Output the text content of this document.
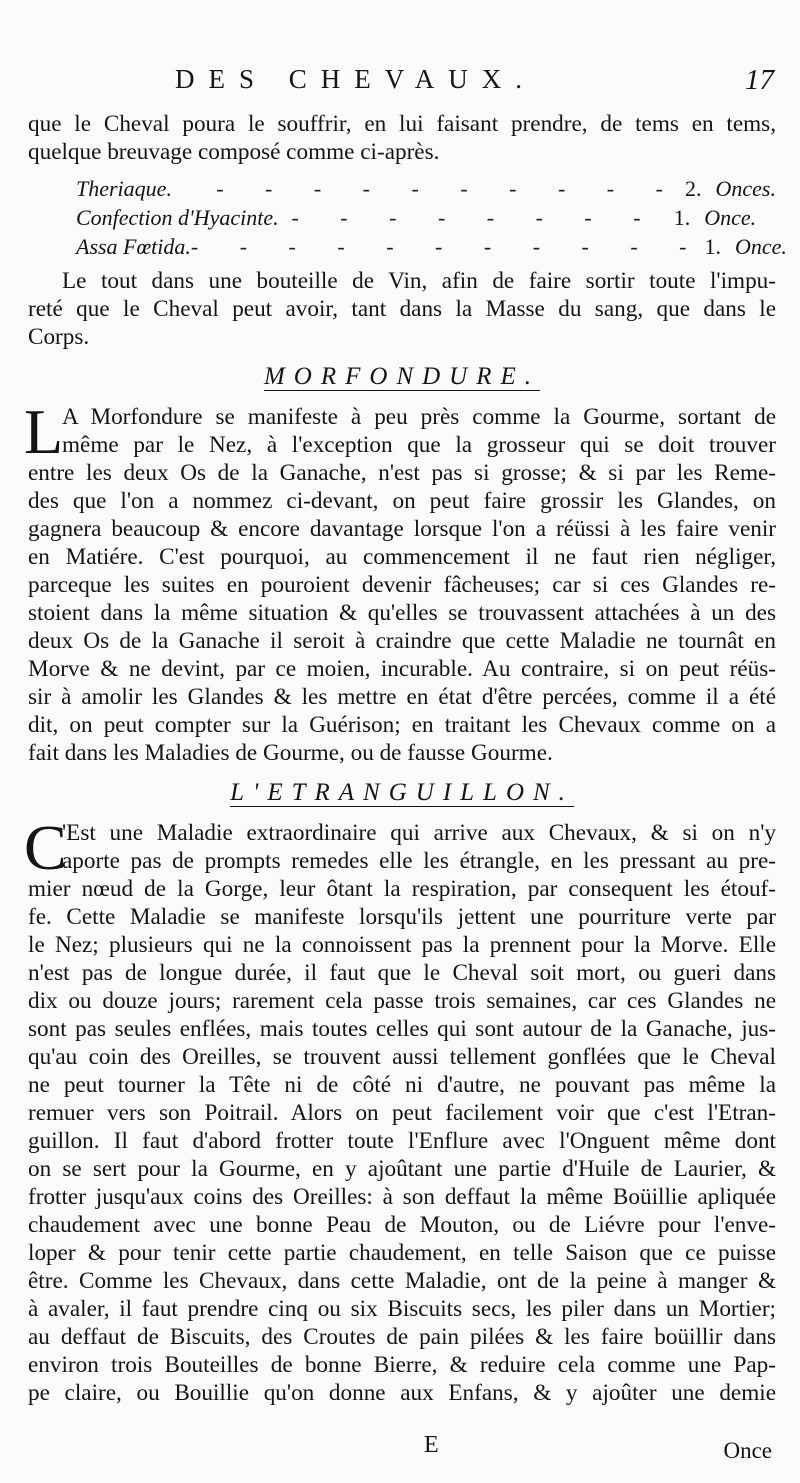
DES CHEVAUX.	17
que le Cheval poura le souffrir, en lui faisant prendre, de tems en tems,
quelque breuvage composé comme ci-après.
Theriaque.	- - - - - - - - - - 2. Onces.
Confection d'Hyacinte. - - - - - - - - 1. Once.
Assa Fœtida. - - - - - - - - - - - 1. Once.
Le tout dans une bouteille de Vin, afin de faire sortir toute l'impu-
reté que le Cheval peut avoir, tant dans la Masse du sang, que dans le
Corps.
MORFONDURE.
L
A Morfondure se manifeste à peu près comme la Gourme, sortant de
même par le Nez, à l'exception que la grosseur qui se doit trouver
entre les deux Os de la Ganache, n'est pas si grosse; & si par les Reme-
des que l'on a nommez ci-devant, on peut faire grossir les Glandes, on
gagnera beaucoup & encore davantage lorsque l'on a réüssi à les faire venir
en Matiére. C'est pourquoi, au commencement il ne faut rien négliger,
parceque les suites en pouroient devenir fâcheuses; car si ces Glandes re-
stoient dans la même situation & qu'elles se trouvassent attachées à un des
deux Os de la Ganache il seroit à craindre que cette Maladie ne tournât en
Morve & ne devint, par ce moien, incurable. Au contraire, si on peut réüs-
sir à amolir les Glandes & les mettre en état d'être percées, comme il a été
dit, on peut compter sur la Guérison; en traitant les Chevaux comme on a
fait dans les Maladies de Gourme, ou de fausse Gourme.
L'ETRANGUILLON.
C
'Est une Maladie extraordinaire qui arrive aux Chevaux, & si on n'y
aporte pas de prompts remedes elle les étrangle, en les pressant au pre-
mier nœud de la Gorge, leur ôtant la respiration, par consequent les étouf-
fe. Cette Maladie se manifeste lorsqu'ils jettent une pourriture verte par
le Nez; plusieurs qui ne la connoissent pas la prennent pour la Morve. Elle
n'est pas de longue durée, il faut que le Cheval soit mort, ou gueri dans
dix ou douze jours; rarement cela passe trois semaines, car ces Glandes ne
sont pas seules enflées, mais toutes celles qui sont autour de la Ganache, jus-
qu'au coin des Oreilles, se trouvent aussi tellement gonflées que le Cheval
ne peut tourner la Tête ni de côté ni d'autre, ne pouvant pas même la
remuer vers son Poitrail. Alors on peut facilement voir que c'est l'Etran-
guillon. Il faut d'abord frotter toute l'Enflure avec l'Onguent même dont
on se sert pour la Gourme, en y ajoûtant une partie d'Huile de Laurier, &
frotter jusqu'aux coins des Oreilles: à son deffaut la même Boüillie apliquée
chaudement avec une bonne Peau de Mouton, ou de Liévre pour l'enve-
loper & pour tenir cette partie chaudement, en telle Saison que ce puisse
être. Comme les Chevaux, dans cette Maladie, ont de la peine à manger &
à avaler, il faut prendre cinq ou six Biscuits secs, les piler dans un Mortier;
au deffaut de Biscuits, des Croutes de pain pilées & les faire boüillir dans
environ trois Bouteilles de bonne Bierre, & reduire cela comme une Pap-
pe claire, ou Bouillie qu'on donne aux Enfans, & y ajoûter une demie
E	Once
